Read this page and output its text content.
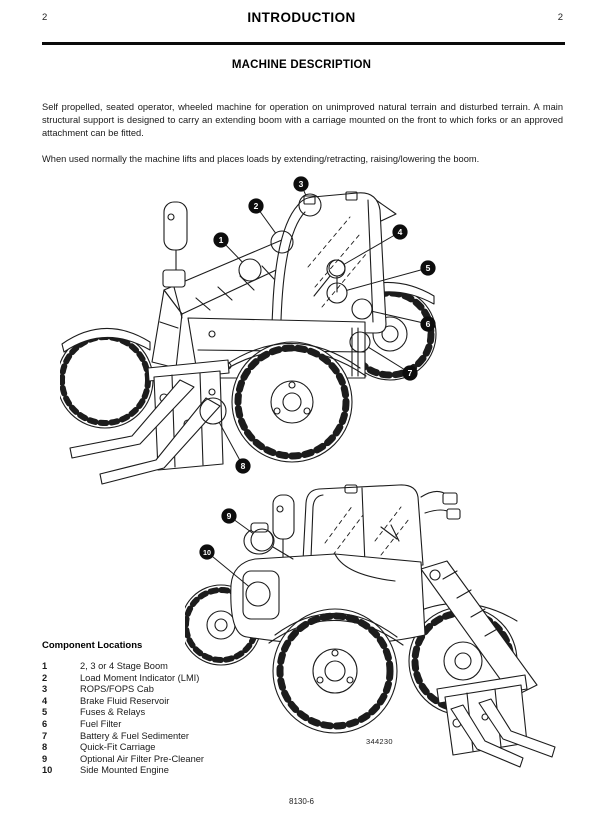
2	INTRODUCTION	2
MACHINE DESCRIPTION

Self propelled, seated operator, wheeled machine for operation on unimproved natural terrain and disturbed terrain. A main structural support is designed to carry an extending boom with a carriage mounted on the front to which forks or an approved attachment can be fitted.

When used normally the machine lifts and places loads by extending/retracting, raising/lowering the boom.

1
2
3
4
5
6
7
8
9
10
344230
Component Locations
1	2, 3 or 4 Stage Boom
2	Load Moment Indicator (LMI)
3	ROPS/FOPS Cab
4	Brake Fluid Reservoir
5	Fuses & Relays
6	Fuel Filter
7	Battery & Fuel Sedimenter
8	Quick-Fit Carriage
9	Optional Air Filter Pre-Cleaner
10	Side Mounted Engine
8130-6
